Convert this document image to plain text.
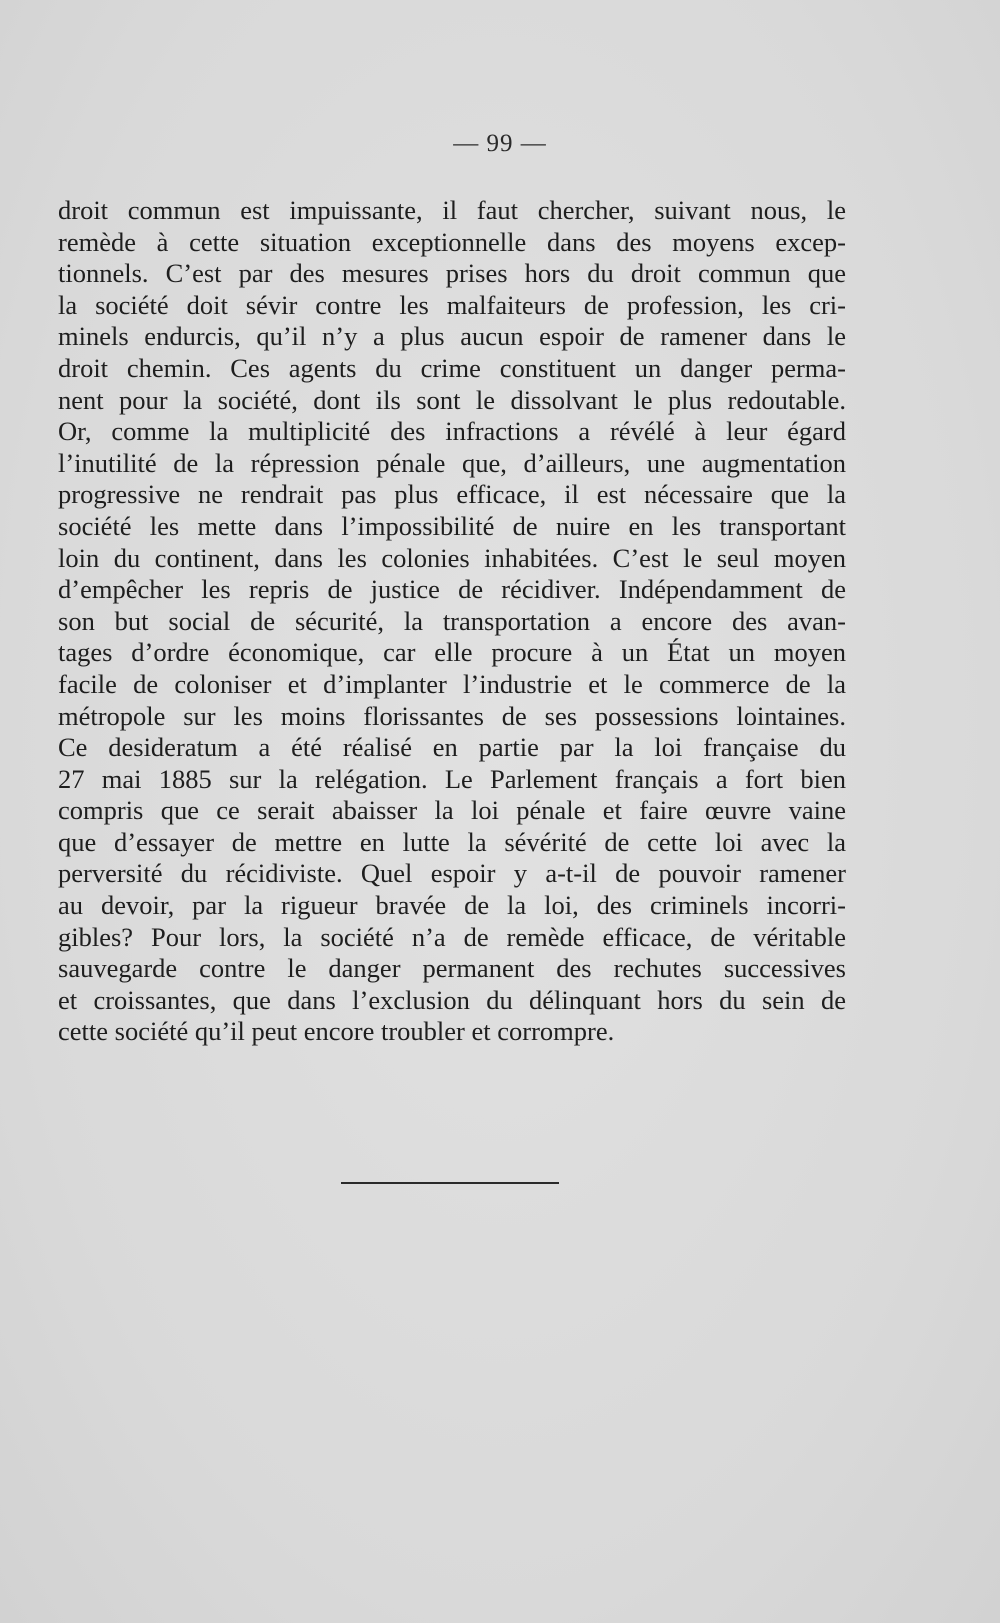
— 99 —

droit commun est impuissante, il faut chercher, suivant nous, le
remède à cette situation exceptionnelle dans des moyens excep-
tionnels. C’est par des mesures prises hors du droit commun que
la société doit sévir contre les malfaiteurs de profession, les cri-
minels endurcis, qu’il n’y a plus aucun espoir de ramener dans le
droit chemin. Ces agents du crime constituent un danger perma-
nent pour la société, dont ils sont le dissolvant le plus redoutable.
Or, comme la multiplicité des infractions a révélé à leur égard
l’inutilité de la répression pénale que, d’ailleurs, une augmentation
progressive ne rendrait pas plus efficace, il est nécessaire que la
société les mette dans l’impossibilité de nuire en les transportant
loin du continent, dans les colonies inhabitées. C’est le seul moyen
d’empêcher les repris de justice de récidiver. Indépendamment de
son but social de sécurité, la transportation a encore des avan-
tages d’ordre économique, car elle procure à un État un moyen
facile de coloniser et d’implanter l’industrie et le commerce de la
métropole sur les moins florissantes de ses possessions lointaines.
Ce desideratum a été réalisé en partie par la loi française du
27 mai 1885 sur la relégation. Le Parlement français a fort bien
compris que ce serait abaisser la loi pénale et faire œuvre vaine
que d’essayer de mettre en lutte la sévérité de cette loi avec la
perversité du récidiviste. Quel espoir y a-t-il de pouvoir ramener
au devoir, par la rigueur bravée de la loi, des criminels incorri-
gibles? Pour lors, la société n’a de remède efficace, de véritable
sauvegarde contre le danger permanent des rechutes successives
et croissantes, que dans l’exclusion du délinquant hors du sein de
cette société qu’il peut encore troubler et corrompre.
